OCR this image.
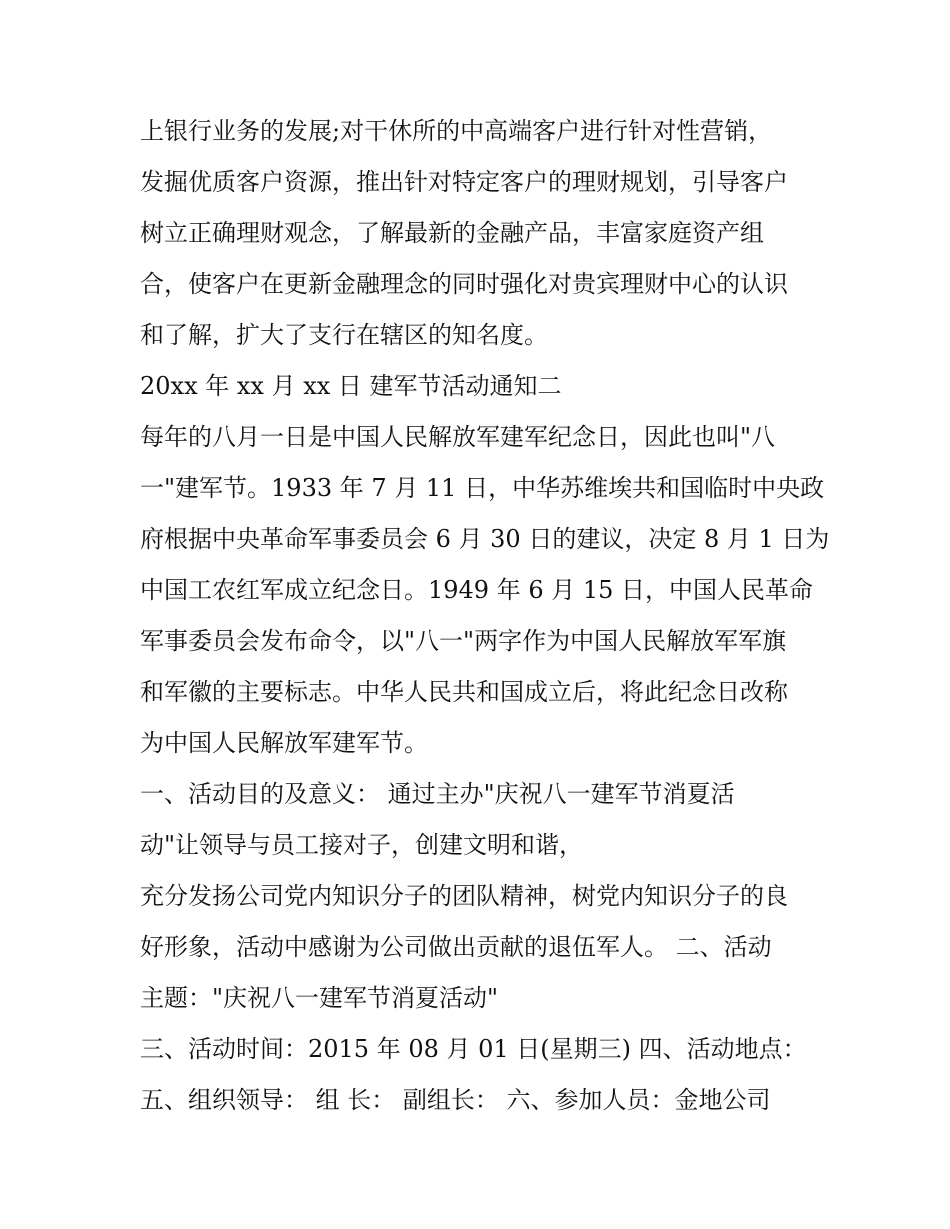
上银行业务的发展;对干休所的中高端客户进行针对性营销，
发掘优质客户资源，推出针对特定客户的理财规划，引导客户
树立正确理财观念，了解最新的金融产品，丰富家庭资产组
合，使客户在更新金融理念的同时强化对贵宾理财中心的认识
和了解，扩大了支行在辖区的知名度。
20xx 年 xx 月 xx 日 建军节活动通知二
每年的八月一日是中国人民解放军建军纪念日，因此也叫"八
一"建军节。1933 年 7 月 11 日，中华苏维埃共和国临时中央政
府根据中央革命军事委员会 6 月 30 日的建议，决定 8 月 1 日为
中国工农红军成立纪念日。1949 年 6 月 15 日，中国人民革命
军事委员会发布命令，以"八一"两字作为中国人民解放军军旗
和军徽的主要标志。中华人民共和国成立后，将此纪念日改称
为中国人民解放军建军节。
一、活动目的及意义： 通过主办"庆祝八一建军节消夏活
动"让领导与员工接对子，创建文明和谐，
充分发扬公司党内知识分子的团队精神，树党内知识分子的良
好形象，活动中感谢为公司做出贡献的退伍军人。 二、活动
主题："庆祝八一建军节消夏活动"
三、活动时间：2015 年 08 月 01 日(星期三) 四、活动地点：
五、组织领导： 组 长： 副组长： 六、参加人员：金地公司
